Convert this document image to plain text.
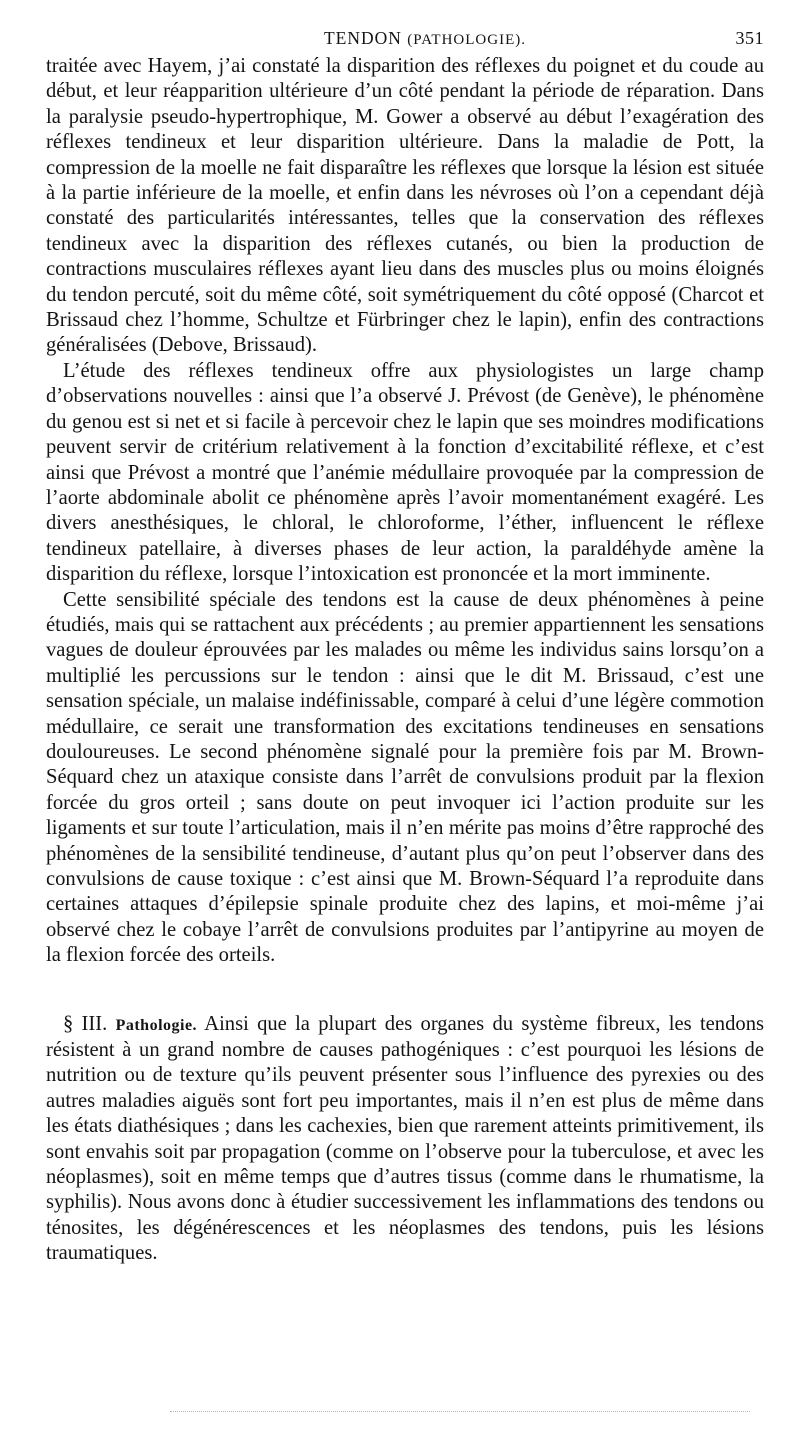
TENDON (PATHOLOGIE).	351

traitée avec Hayem, j’ai constaté la disparition des réflexes du poignet et du coude au début, et leur réapparition ultérieure d’un côté pendant la période de réparation. Dans la paralysie pseudo-hypertrophique, M. Gower a observé au début l’exagération des réflexes tendineux et leur disparition ultérieure. Dans la maladie de Pott, la compression de la moelle ne fait disparaître les réflexes que lorsque la lésion est située à la partie inférieure de la moelle, et enfin dans les névroses où l’on a cependant déjà constaté des particularités intéressantes, telles que la conservation des réflexes tendineux avec la disparition des réflexes cutanés, ou bien la production de contractions musculaires réflexes ayant lieu dans des muscles plus ou moins éloignés du tendon percuté, soit du même côté, soit symétriquement du côté opposé (Charcot et Brissaud chez l’homme, Schultze et Fürbringer chez le lapin), enfin des contractions généralisées (Debove, Brissaud).

L’étude des réflexes tendineux offre aux physiologistes un large champ d’observations nouvelles : ainsi que l’a observé J. Prévost (de Genève), le phénomène du genou est si net et si facile à percevoir chez le lapin que ses moindres modifications peuvent servir de critérium relativement à la fonction d’excitabilité réflexe, et c’est ainsi que Prévost a montré que l’anémie médullaire provoquée par la compression de l’aorte abdominale abolit ce phénomène après l’avoir momentanément exagéré. Les divers anesthésiques, le chloral, le chloroforme, l’éther, influencent le réflexe tendineux patellaire, à diverses phases de leur action, la paraldéhyde amène la disparition du réflexe, lorsque l’intoxication est prononcée et la mort imminente.

Cette sensibilité spéciale des tendons est la cause de deux phénomènes à peine étudiés, mais qui se rattachent aux précédents ; au premier appartiennent les sensations vagues de douleur éprouvées par les malades ou même les individus sains lorsqu’on a multiplié les percussions sur le tendon : ainsi que le dit M. Brissaud, c’est une sensation spéciale, un malaise indéfinissable, comparé à celui d’une légère commotion médullaire, ce serait une transformation des excitations tendineuses en sensations douloureuses. Le second phénomène signalé pour la première fois par M. Brown-Séquard chez un ataxique consiste dans l’arrêt de convulsions produit par la flexion forcée du gros orteil ; sans doute on peut invoquer ici l’action produite sur les ligaments et sur toute l’articulation, mais il n’en mérite pas moins d’être rapproché des phénomènes de la sensibilité tendineuse, d’autant plus qu’on peut l’observer dans des convulsions de cause toxique : c’est ainsi que M. Brown-Séquard l’a reproduite dans certaines attaques d’épilepsie spinale produite chez des lapins, et moi-même j’ai observé chez le cobaye l’arrêt de convulsions produites par l’antipyrine au moyen de la flexion forcée des orteils.

§ III. Pathologie. Ainsi que la plupart des organes du système fibreux, les tendons résistent à un grand nombre de causes pathogéniques : c’est pourquoi les lésions de nutrition ou de texture qu’ils peuvent présenter sous l’influence des pyrexies ou des autres maladies aiguës sont fort peu importantes, mais il n’en est plus de même dans les états diathésiques ; dans les cachexies, bien que rarement atteints primitivement, ils sont envahis soit par propagation (comme on l’observe pour la tuberculose, et avec les néoplasmes), soit en même temps que d’autres tissus (comme dans le rhumatisme, la syphilis). Nous avons donc à étudier successivement les inflammations des tendons ou ténosites, les dégénérescences et les néoplasmes des tendons, puis les lésions traumatiques.
